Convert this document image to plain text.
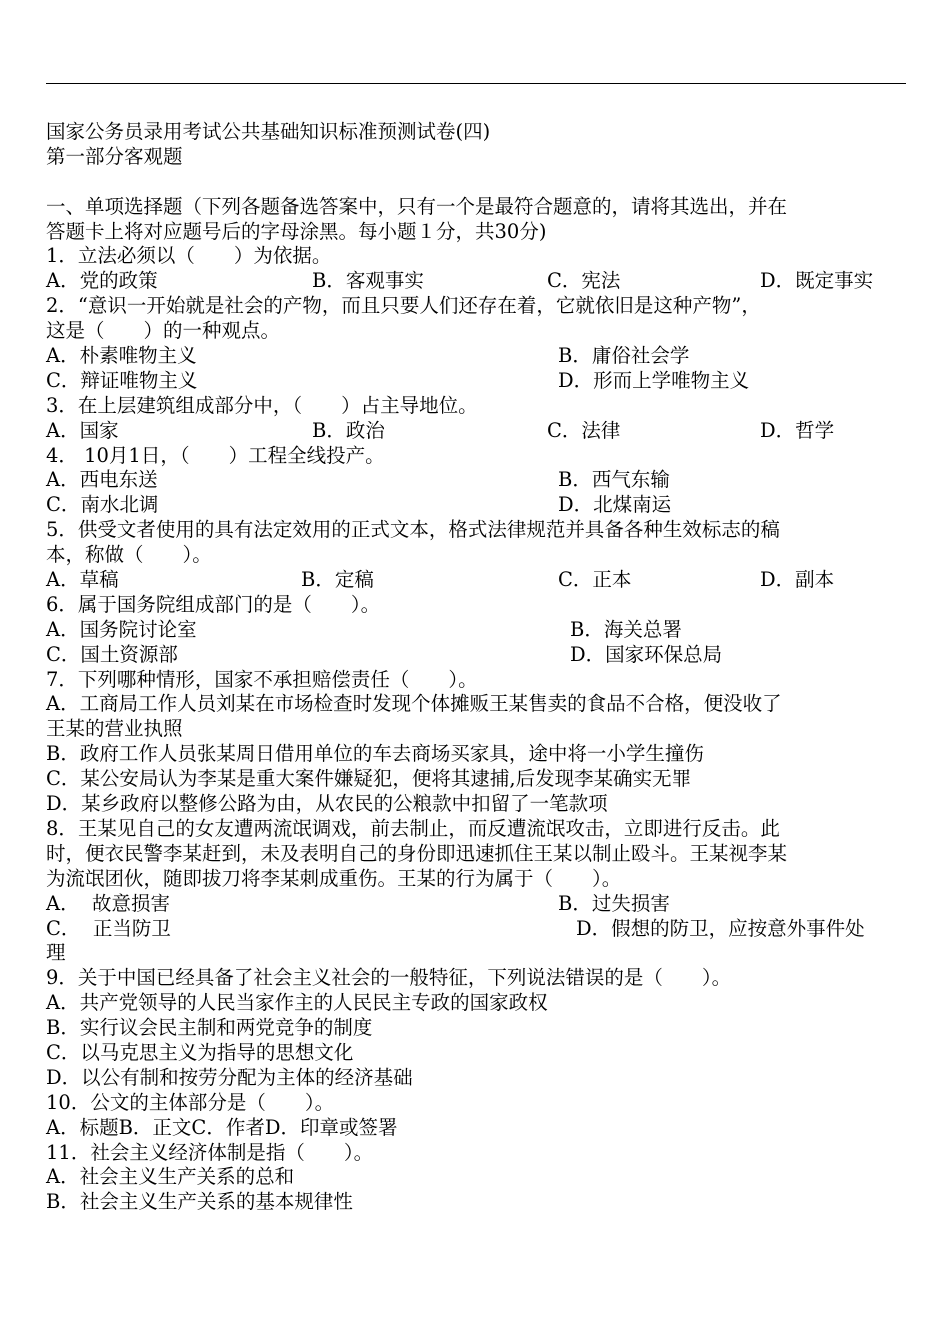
国家公务员录用考试公共基础知识标准预测试卷(四)
第一部分客观题
一、单项选择题（下列各题备选答案中，只有一个是最符合题意的，请将其选出，并在
答题卡上将对应题号后的字母涂黑。每小题１分，共30分)
1．立法必须以（　　）为依据。

A．党的政策

	B．客观事实

	C．宪法

	D．既定事实

2．“意识一开始就是社会的产物，而且只要人们还存在着，它就依旧是这种产物”，
这是（　　）的一种观点。

A．朴素唯物主义

	B．庸俗社会学

C．辩证唯物主义

	D．形而上学唯物主义

3．在上层建筑组成部分中，（　　）占主导地位。

A．国家

	B．政治

	C．法律

	D．哲学

4． 10月1日，（　　）工程全线投产。

A．西电东送

	B．西气东输

C．南水北调

	D．北煤南运

5．供受文者使用的具有法定效用的正式文本，格式法律规范并具备各种生效标志的稿
本，称做（　　）。

A．草稿

	B．定稿

	C．正本

	D．副本

6．属于国务院组成部门的是（　　）。

A．国务院讨论室

	B．海关总署

C．国土资源部

	D．国家环保总局

7．下列哪种情形，国家不承担赔偿责任（　　）。
A．工商局工作人员刘某在市场检查时发现个体摊贩王某售卖的食品不合格，便没收了
王某的营业执照
B．政府工作人员张某周日借用单位的车去商场买家具，途中将一小学生撞伤
C．某公安局认为李某是重大案件嫌疑犯，便将其逮捕,后发现李某确实无罪
D．某乡政府以整修公路为由，从农民的公粮款中扣留了一笔款项
8．王某见自己的女友遭两流氓调戏，前去制止，而反遭流氓攻击，立即进行反击。此
时，便衣民警李某赶到，未及表明自己的身份即迅速抓住王某以制止殴斗。王某视李某
为流氓团伙，随即拔刀将李某刺成重伤。王某的行为属于（　　）。

A．  故意损害

	B．过失损害

C．  正当防卫

	D．假想的防卫，应按意外事件处

理
9．关于中国已经具备了社会主义社会的一般特征，下列说法错误的是（　　）。
A．共产党领导的人民当家作主的人民民主专政的国家政权
B．实行议会民主制和两党竞争的制度
C．以马克思主义为指导的思想文化
D．以公有制和按劳分配为主体的经济基础
10．公文的主体部分是（　　）。
A．标题B．正文C．作者D．印章或签署
11．社会主义经济体制是指（　　）。
A．社会主义生产关系的总和
B．社会主义生产关系的基本规律性
